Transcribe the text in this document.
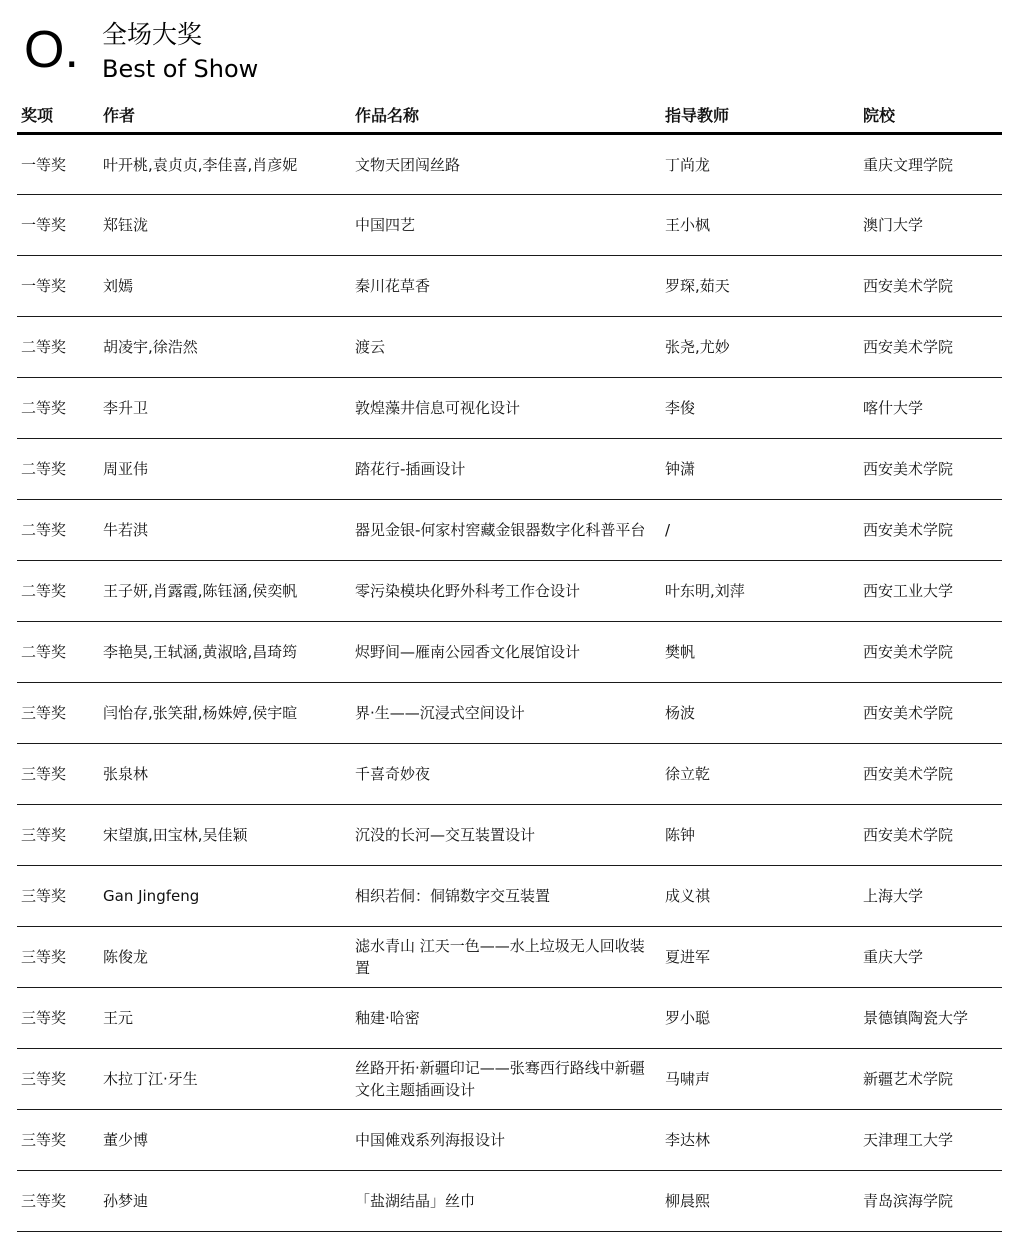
O. 全场大奖
Best of Show
奖项	作者	作品名称	指导教师	院校
一等奖	叶开桃,袁贞贞,李佳喜,肖彦妮	文物天团闯丝路	丁尚龙	重庆文理学院
一等奖	郑钰泷	中国四艺	王小枫	澳门大学
一等奖	刘嫣	秦川花草香	罗琛,茹天	西安美术学院
二等奖	胡凌宇,徐浩然	渡云	张尧,尤妙	西安美术学院
二等奖	李升卫	敦煌藻井信息可视化设计	李俊	喀什大学
二等奖	周亚伟	踏花行-插画设计	钟潇	西安美术学院
二等奖	牛若淇	器见金银-何家村窖藏金银器数字化科普平台	/	西安美术学院
二等奖	王子妍,肖露霞,陈钰涵,侯奕帆	零污染模块化野外科考工作仓设计	叶东明,刘萍	西安工业大学
二等奖	李艳昊,王轼涵,黄淑晗,昌琦筠	烬野间—雁南公园香文化展馆设计	樊帆	西安美术学院
三等奖	闫怡存,张笑甜,杨姝婷,侯宇暄	界·生——沉浸式空间设计	杨波	西安美术学院
三等奖	张泉林	千喜奇妙夜	徐立乾	西安美术学院
三等奖	宋望旗,田宝林,吴佳颖	沉没的长河—交互装置设计	陈钟	西安美术学院
三等奖	Gan Jingfeng	相织若侗：侗锦数字交互装置	成义祺	上海大学
三等奖	陈俊龙	滤水青山 江天一色——水上垃圾无人回收装置	夏进军	重庆大学
三等奖	王元	釉建·哈密	罗小聪	景德镇陶瓷大学
三等奖	木拉丁江·牙生	丝路开拓·新疆印记——张骞西行路线中新疆文化主题插画设计	马啸声	新疆艺术学院
三等奖	董少博	中国傩戏系列海报设计	李达林	天津理工大学
三等奖	孙梦迪	「盐湖结晶」丝巾	柳晨熙	青岛滨海学院
